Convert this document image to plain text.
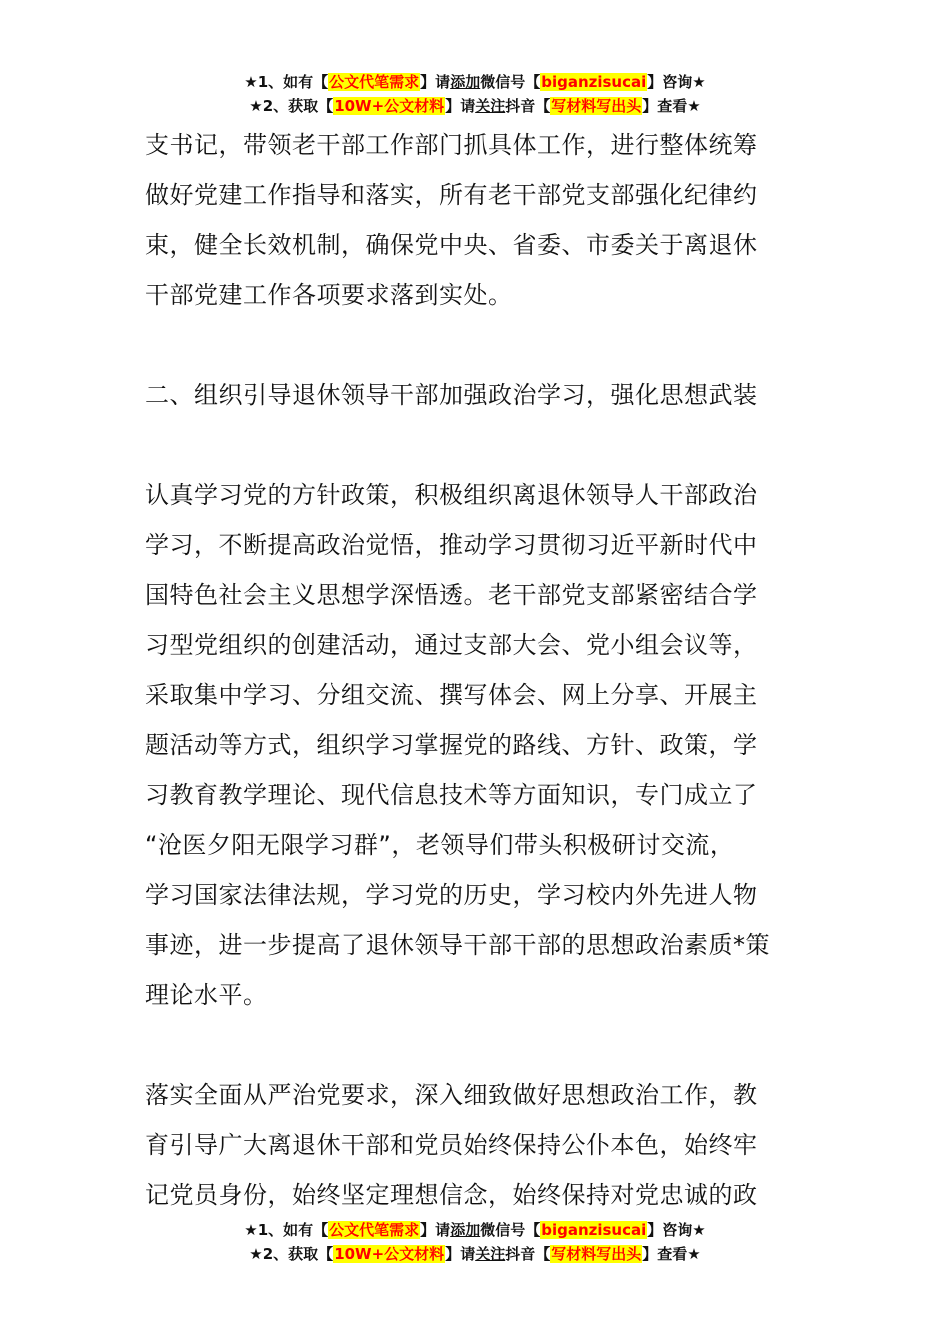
★1、如有【公文代笔需求】请添加微信号【biganzisucai】咨询★
★2、获取【10W+公文材料】请关注抖音【写材料写出头】查看★

支书记，带领老干部工作部门抓具体工作，进行整体统筹

做好党建工作指导和落实，所有老干部党支部强化纪律约

束，健全长效机制，确保党中央、省委、市委关于离退休

干部党建工作各项要求落到实处。

二、组织引导退休领导干部加强政治学习，强化思想武装

认真学习党的方针政策，积极组织离退休领导人干部政治

学习，不断提高政治觉悟，推动学习贯彻习近平新时代中

国特色社会主义思想学深悟透。老干部党支部紧密结合学

习型党组织的创建活动，通过支部大会、党小组会议等，

采取集中学习、分组交流、撰写体会、网上分享、开展主

题活动等方式，组织学习掌握党的路线、方针、政策，学

习教育教学理论、现代信息技术等方面知识，专门成立了

“沧医夕阳无限学习群”，老领导们带头积极研讨交流，

学习国家法律法规，学习党的历史，学习校内外先进人物

事迹，进一步提高了退休领导干部干部的思想政治素质*策

理论水平。

落实全面从严治党要求，深入细致做好思想政治工作，教

育引导广大离退休干部和党员始终保持公仆本色，始终牢

记党员身份，始终坚定理想信念，始终保持对党忠诚的政

★1、如有【公文代笔需求】请添加微信号【biganzisucai】咨询★
★2、获取【10W+公文材料】请关注抖音【写材料写出头】查看★
